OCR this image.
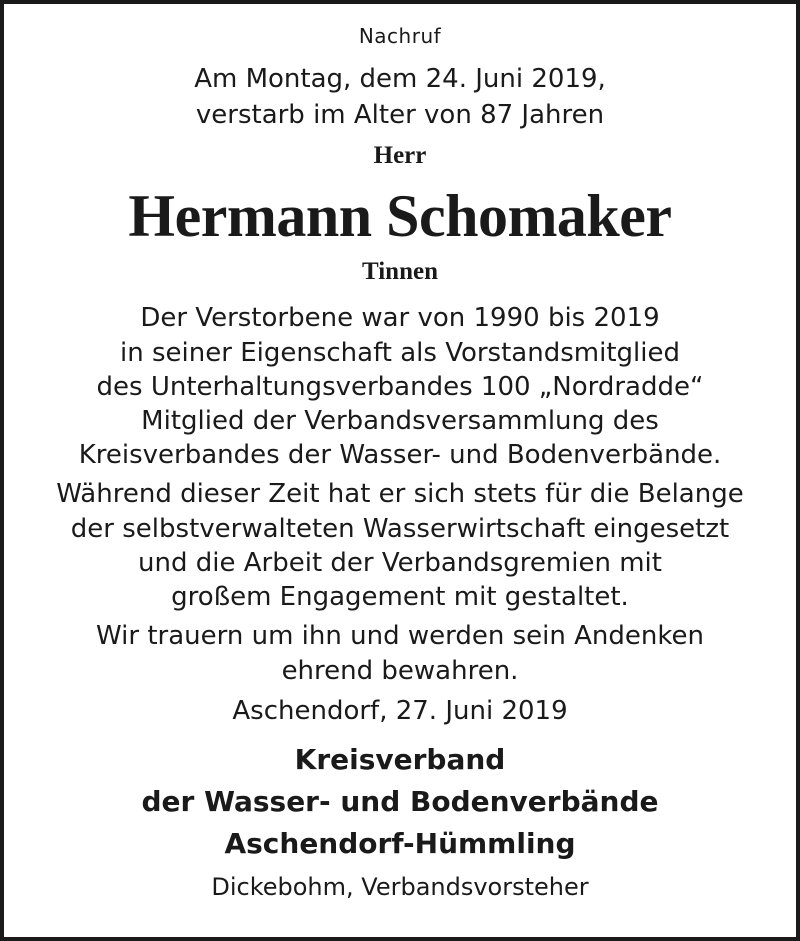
Nachruf

Am Montag, dem 24. Juni 2019,

verstarb im Alter von 87 Jahren

Herr

Hermann Schomaker

Tinnen

Der Verstorbene war von 1990 bis 2019

in seiner Eigenschaft als Vorstandsmitglied

des Unterhaltungsverbandes 100 „Nordradde“

Mitglied der Verbandsversammlung des

Kreisverbandes der Wasser- und Bodenverbände.

Während dieser Zeit hat er sich stets für die Belange

der selbstverwalteten Wasserwirtschaft eingesetzt

und die Arbeit der Verbandsgremien mit

großem Engagement mit gestaltet.

Wir trauern um ihn und werden sein Andenken

ehrend bewahren.

Aschendorf, 27. Juni 2019

Kreisverband

der Wasser- und Bodenverbände

Aschendorf-Hümmling

Dickebohm, Verbandsvorsteher
